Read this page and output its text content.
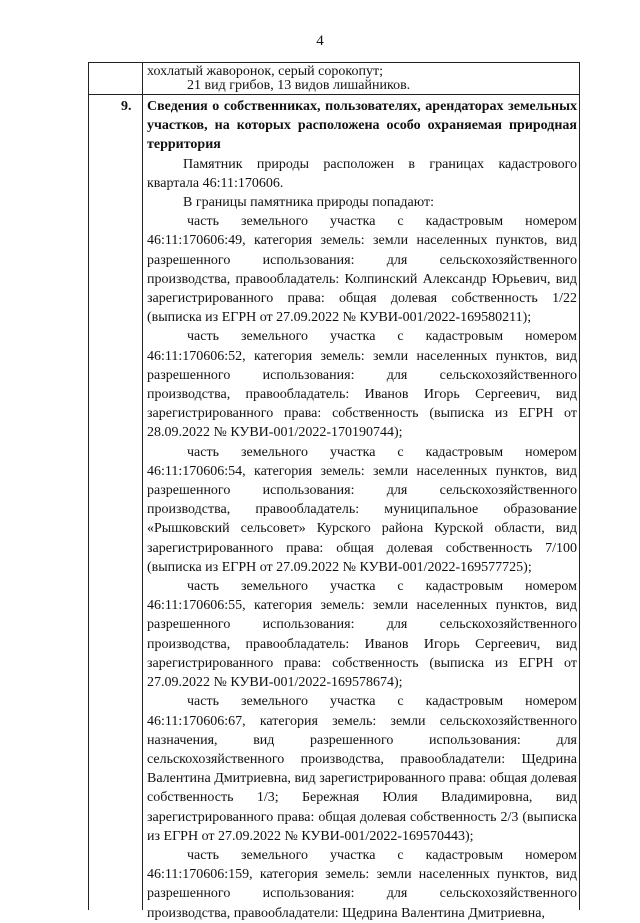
4

хохлатый жаворонок, серый сорокопут;

21 вид грибов, 13 видов лишайников.

9. Сведения о собственниках, пользователях, арендаторах земельных участков, на которых расположена особо охраняемая природная территория

Памятник природы расположен в границах кадастрового квартала 46:11:170606.

В границы памятника природы попадают:

часть земельного участка с кадастровым номером 46:11:170606:49, категория земель: земли населенных пунктов, вид разрешенного использования: для сельскохозяйственного производства, правообладатель: Колпинский Александр Юрьевич, вид зарегистрированного права: общая долевая собственность 1/22 (выписка из ЕГРН от 27.09.2022 № КУВИ-001/2022-169580211);

часть земельного участка с кадастровым номером 46:11:170606:52, категория земель: земли населенных пунктов, вид разрешенного использования: для сельскохозяйственного производства, правообладатель: Иванов Игорь Сергеевич, вид зарегистрированного права: собственность (выписка из ЕГРН от 28.09.2022 № КУВИ-001/2022-170190744);

часть земельного участка с кадастровым номером 46:11:170606:54, категория земель: земли населенных пунктов, вид разрешенного использования: для сельскохозяйственного производства, правообладатель: муниципальное образование «Рышковский сельсовет» Курского района Курской области, вид зарегистрированного права: общая долевая собственность 7/100 (выписка из ЕГРН от 27.09.2022 № КУВИ-001/2022-169577725);

часть земельного участка с кадастровым номером 46:11:170606:55, категория земель: земли населенных пунктов, вид разрешенного использования: для сельскохозяйственного производства, правообладатель: Иванов Игорь Сергеевич, вид зарегистрированного права: собственность (выписка из ЕГРН от 27.09.2022 № КУВИ-001/2022-169578674);

часть земельного участка с кадастровым номером 46:11:170606:67, категория земель: земли сельскохозяйственного назначения, вид разрешенного использования: для сельскохозяйственного производства, правообладатели: Щедрина Валентина Дмитриевна, вид зарегистрированного права: общая долевая собственность 1/3; Бережная Юлия Владимировна, вид зарегистрированного права: общая долевая собственность 2/3 (выписка из ЕГРН от 27.09.2022 № КУВИ-001/2022-169570443);

часть земельного участка с кадастровым номером 46:11:170606:159, категория земель: земли населенных пунктов, вид разрешенного использования: для сельскохозяйственного производства, правообладатели: Щедрина Валентина Дмитриевна,
